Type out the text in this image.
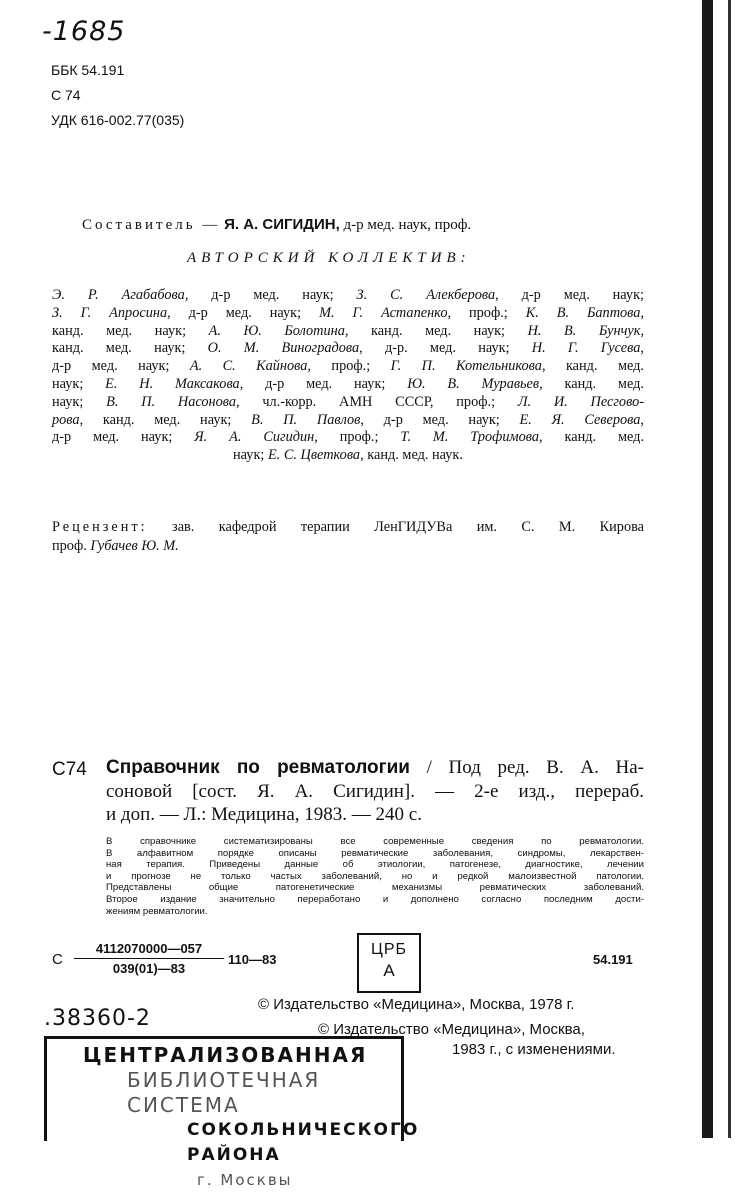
-1685
ББК 54.191
С 74
УДК 616-002.77(035)
Составитель — Я. А. СИГИДИН, д-р мед. наук, проф.
АВТОРСКИЙ КОЛЛЕКТИВ:
Э. Р. Агабабова, д-р мед. наук; З. С. Алекберова, д-р мед. наук;
З. Г. Апросина, д-р мед. наук; М. Г. Астапенко, проф.; К. В. Баптова,
канд. мед. наук; А. Ю. Болотина, канд. мед. наук; Н. В. Бунчук,
канд. мед. наук; О. М. Виноградова, д-р. мед. наук; Н. Г. Гусева,
д-р мед. наук; А. С. Кайнова, проф.; Г. П. Котельникова, канд. мед.
наук; Е. Н. Максакова, д-р мед. наук; Ю. В. Муравьев, канд. мед.
наук; В. П. Насонова, чл.-корр. АМН СССР, проф.; Л. И. Песгово-
рова, канд. мед. наук; В. П. Павлов, д-р мед. наук; Е. Я. Северова,
д-р мед. наук; Я. А. Сигидин, проф.; Т. М. Трофимова, канд. мед.
наук; Е. С. Цветкова, канд. мед. наук.
Рецензент: зав. кафедрой терапии ЛенГИДУВа им. С. М. Кирова
проф. Губачев Ю. М.
С74 Справочник по ревматологии / Под ред. В. А. На-
соновой [сост. Я. А. Сигидин]. — 2-е изд., перераб.
и доп. — Л.: Медицина, 1983. — 240 с.
В справочнике систематизированы все современные сведения по ревматологии.
В алфавитном порядке описаны ревматические заболевания, синдромы, лекарствен-
ная терапия. Приведены данные об этиологии, патогенезе, диагностике, лечении
и прогнозе не только частых заболеваний, но и редкой малоизвестной патологии.
Представлены общие патогенетические механизмы ревматических заболеваний.
Второе издание значительно переработано и дополнено согласно последним дости-
жениям ревматологии.
С $\frac{4112070000—057}{039(01)—83}$ 110—83
ЦРБ
А
54.191
© Издательство «Медицина», Москва, 1978 г.
© Издательство «Медицина», Москва,
1983 г., с изменениями.
.38360-2
ЦЕНТРАЛИЗОВАННАЯ
БИБЛИОТЕЧНАЯ СИСТЕМА
СОКОЛЬНИЧЕСКОГО РАЙОНА
г. Москвы
